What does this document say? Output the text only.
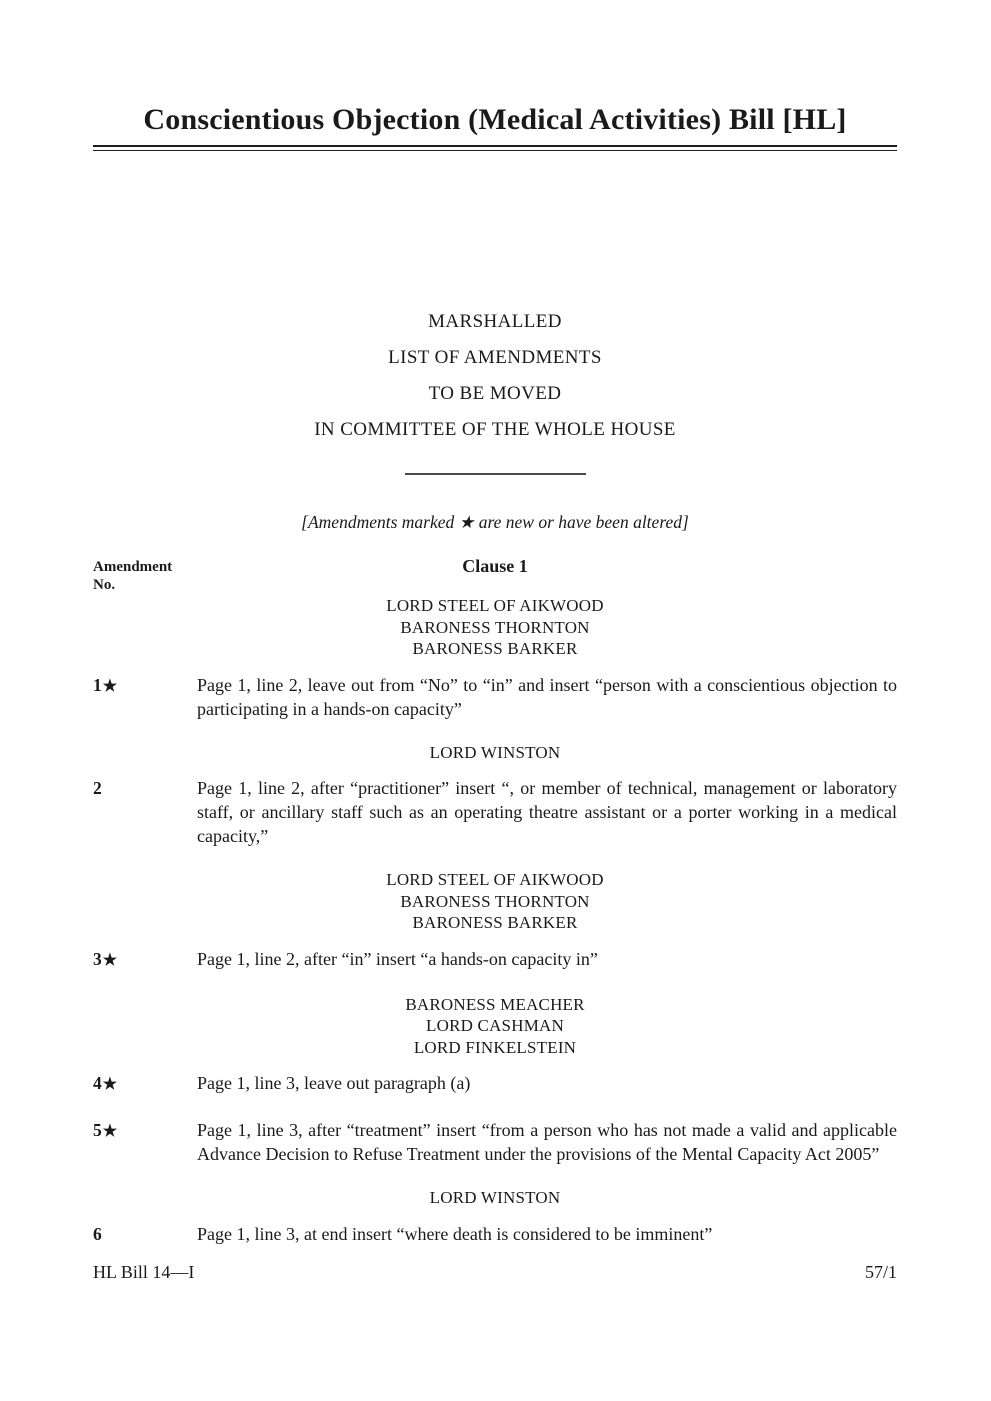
Conscientious Objection (Medical Activities) Bill [HL]
MARSHALLED
LIST OF AMENDMENTS
TO BE MOVED
IN COMMITTEE OF THE WHOLE HOUSE
[Amendments marked ★ are new or have been altered]
Amendment
No.
Clause 1
LORD STEEL OF AIKWOOD
BARONESS THORNTON
BARONESS BARKER
1★	Page 1, line 2, leave out from “No” to “in” and insert “person with a conscientious objection to participating in a hands-on capacity”
LORD WINSTON
2	Page 1, line 2, after “practitioner” insert “, or member of technical, management or laboratory staff, or ancillary staff such as an operating theatre assistant or a porter working in a medical capacity,”
LORD STEEL OF AIKWOOD
BARONESS THORNTON
BARONESS BARKER
3★	Page 1, line 2, after “in” insert “a hands-on capacity in”
BARONESS MEACHER
LORD CASHMAN
LORD FINKELSTEIN
4★	Page 1, line 3, leave out paragraph (a)
5★	Page 1, line 3, after “treatment” insert “from a person who has not made a valid and applicable Advance Decision to Refuse Treatment under the provisions of the Mental Capacity Act 2005”
LORD WINSTON
6	Page 1, line 3, at end insert “where death is considered to be imminent”
HL Bill 14—I	57/1
